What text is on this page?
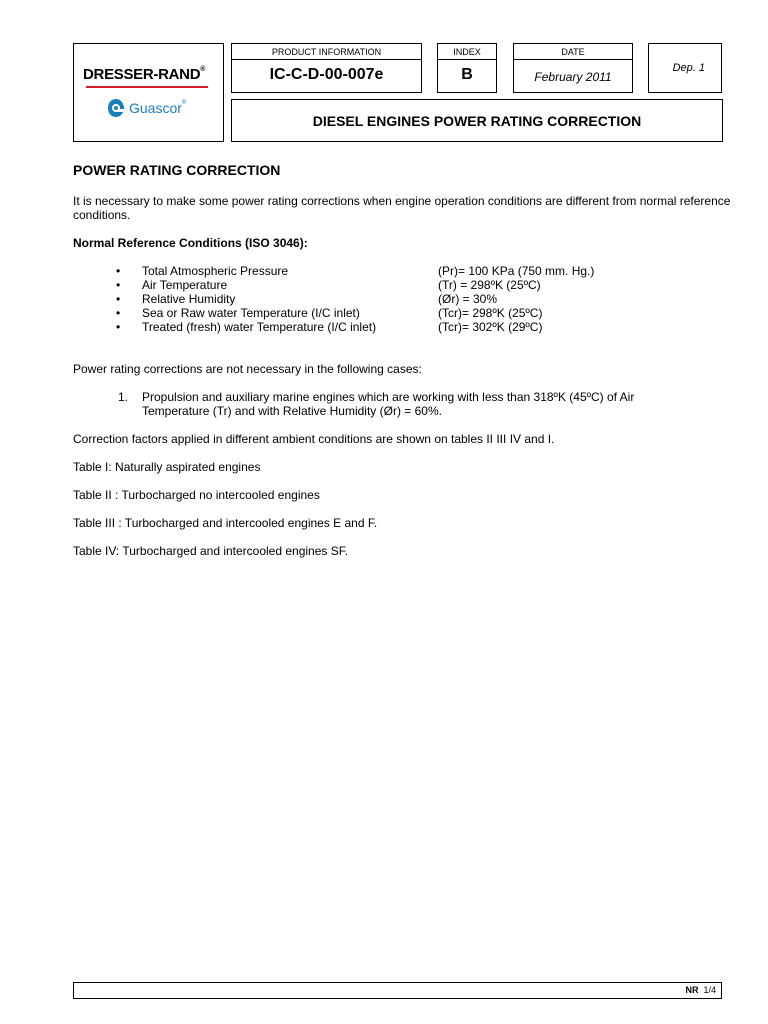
DRESSER-RAND®
Guascor®
PRODUCT INFORMATION
IC-C-D-00-007e
INDEX
B
DATE
February 2011
Dep. 1
DIESEL ENGINES POWER RATING CORRECTION
POWER RATING CORRECTION
It is necessary to make some power rating corrections when engine operation conditions are different from normal reference conditions.
Normal Reference Conditions (ISO 3046):
• Total Atmospheric Pressure	(Pr)= 100 KPa (750 mm. Hg.)
• Air Temperature	(Tr) = 298ºK (25ºC)
• Relative Humidity	(Ør) = 30%
• Sea or Raw water Temperature (I/C inlet)	(Tcr)= 298ºK (25ºC)
• Treated (fresh) water Temperature (I/C inlet)	(Tcr)= 302ºK (29ºC)
Power rating corrections are not necessary in the following cases:
1. Propulsion and auxiliary marine engines which are working with less than 318ºK (45ºC) of Air Temperature (Tr) and with Relative Humidity (Ør) = 60%.
Correction factors applied in different ambient conditions are shown on tables II III IV and I.
Table I: Naturally aspirated engines
Table II : Turbocharged no intercooled engines
Table III : Turbocharged and intercooled engines E and F.
Table IV: Turbocharged and intercooled engines SF.
NR 1/4
